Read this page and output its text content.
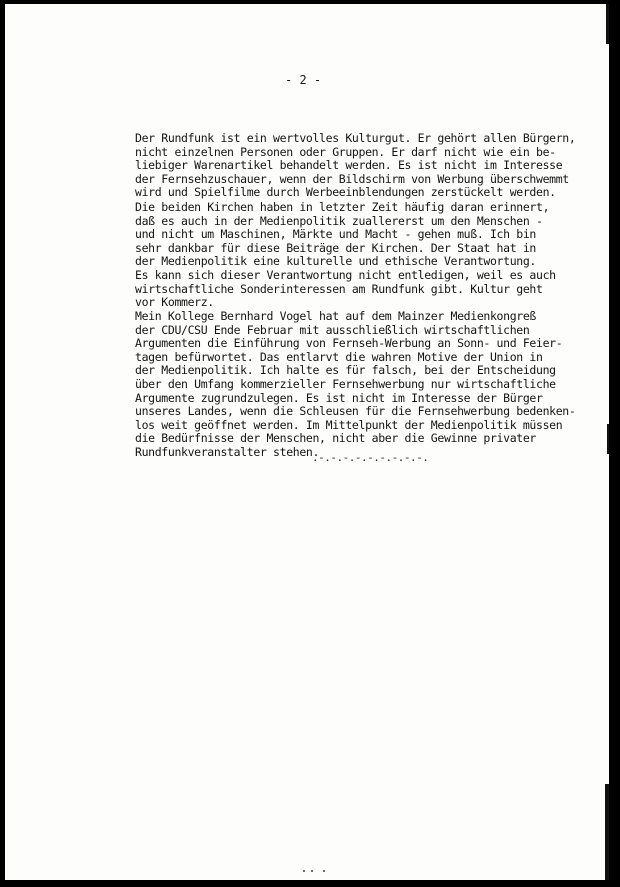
- 2 -
Der Rundfunk ist ein wertvolles Kulturgut. Er gehört allen Bürgern,
nicht einzelnen Personen oder Gruppen. Er darf nicht wie ein be-
liebiger Warenartikel behandelt werden. Es ist nicht im Interesse
der Fernsehzuschauer, wenn der Bildschirm von Werbung überschwemmt
wird und Spielfilme durch Werbeeinblendungen zerstückelt werden.
Die beiden Kirchen haben in letzter Zeit häufig daran erinnert,
daß es auch in der Medienpolitik zuallererst um den Menschen -
und nicht um Maschinen, Märkte und Macht - gehen muß. Ich bin
sehr dankbar für diese Beiträge der Kirchen. Der Staat hat in
der Medienpolitik eine kulturelle und ethische Verantwortung.
Es kann sich dieser Verantwortung nicht entledigen, weil es auch
wirtschaftliche Sonderinteressen am Rundfunk gibt. Kultur geht
vor Kommerz.
Mein Kollege Bernhard Vogel hat auf dem Mainzer Medienkongreß
der CDU/CSU Ende Februar mit ausschließlich wirtschaftlichen
Argumenten die Einführung von Fernseh-Werbung an Sonn- und Feier-
tagen befürwortet. Das entlarvt die wahren Motive der Union in
der Medienpolitik. Ich halte es für falsch, bei der Entscheidung
über den Umfang kommerzieller Fernsehwerbung nur wirtschaftliche
Argumente zugrundzulegen. Es ist nicht im Interesse der Bürger
unseres Landes, wenn die Schleusen für die Fernsehwerbung bedenken-
los weit geöffnet werden. Im Mittelpunkt der Medienpolitik müssen
die Bedürfnisse der Menschen, nicht aber die Gewinne privater
Rundfunkveranstalter stehen.
.-.-.-.-.-.-.-.-.-.
